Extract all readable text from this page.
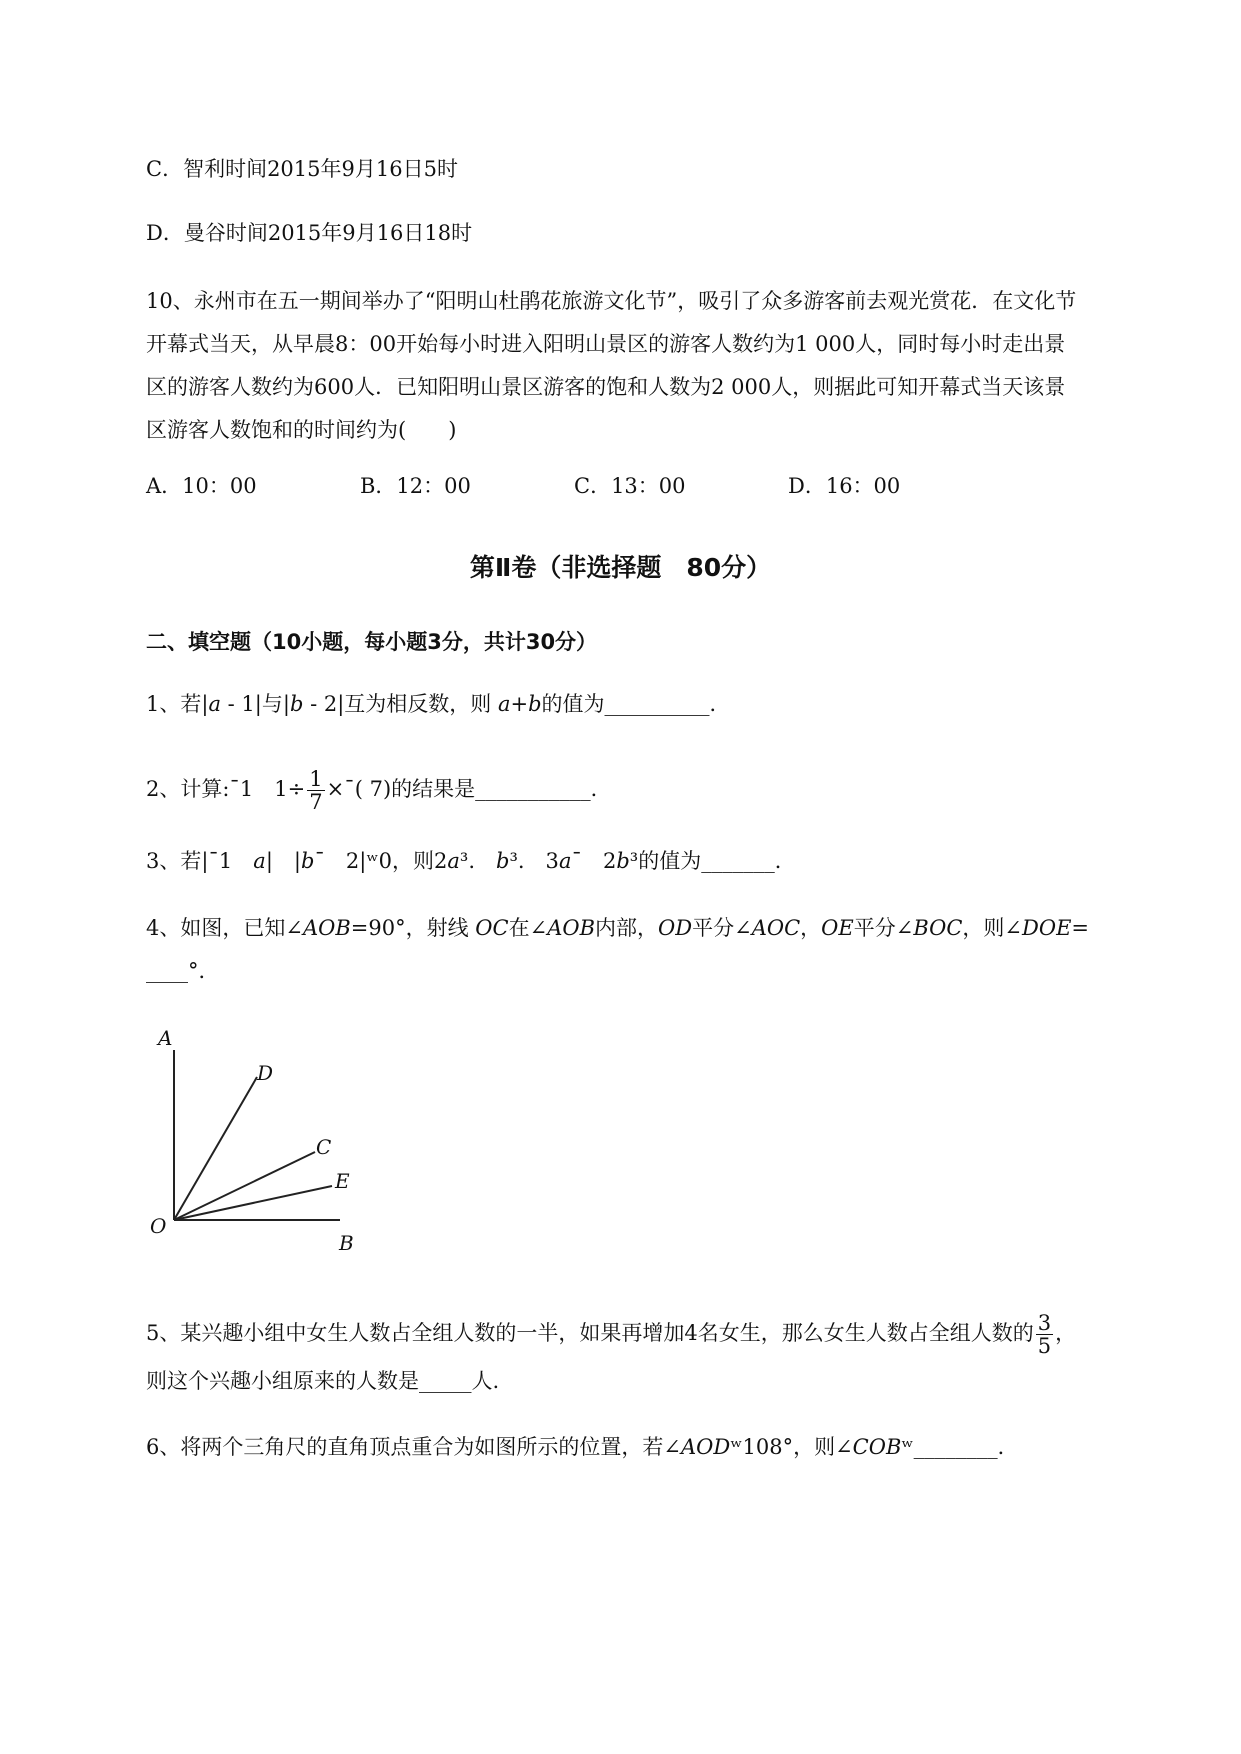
C．智利时间2015年9月16日5时
D．曼谷时间2015年9月16日18时
10、永州市在五一期间举办了“阳明山杜鹃花旅游文化节”，吸引了众多游客前去观光赏花．在文化节
开幕式当天，从早晨8：00开始每小时进入阳明山景区的游客人数约为1 000人，同时每小时走出景
区的游客人数约为600人．已知阳明山景区游客的饱和人数为2 000人，则据此可知开幕式当天该景
区游客人数饱和的时间约为(　　)
A．10：00	B．12：00	C．13：00	D．16：00
第Ⅱ卷（非选择题　80分）
二、填空题（10小题，每小题3分，共计30分）
1、若|a - 1|与|b - 2|互为相反数，则 a+b的值为__________．
2、计算:ˉ1　$1\div \frac{1}{7}$ ×ˉ( 7)的结果是___________．
3、若|ˉ1　a|　|bˉ　2|ʷ0，则2a³.　b³.　3aˉ　2b³的值为_______．
4、如图，已知∠AOB=90°，射线 OC在∠AOB内部，OD平分∠AOC，OE平分∠BOC，则∠DOE=
____°．
A
D
C
E
O
B
5、某兴趣小组中女生人数占全组人数的一半，如果再增加4名女生，那么女生人数占全组人数的 $\frac{3}{5}$ ，
则这个兴趣小组原来的人数是_____人.
6、将两个三角尺的直角顶点重合为如图所示的位置，若∠AODʷ108°，则∠COBʷ________．
